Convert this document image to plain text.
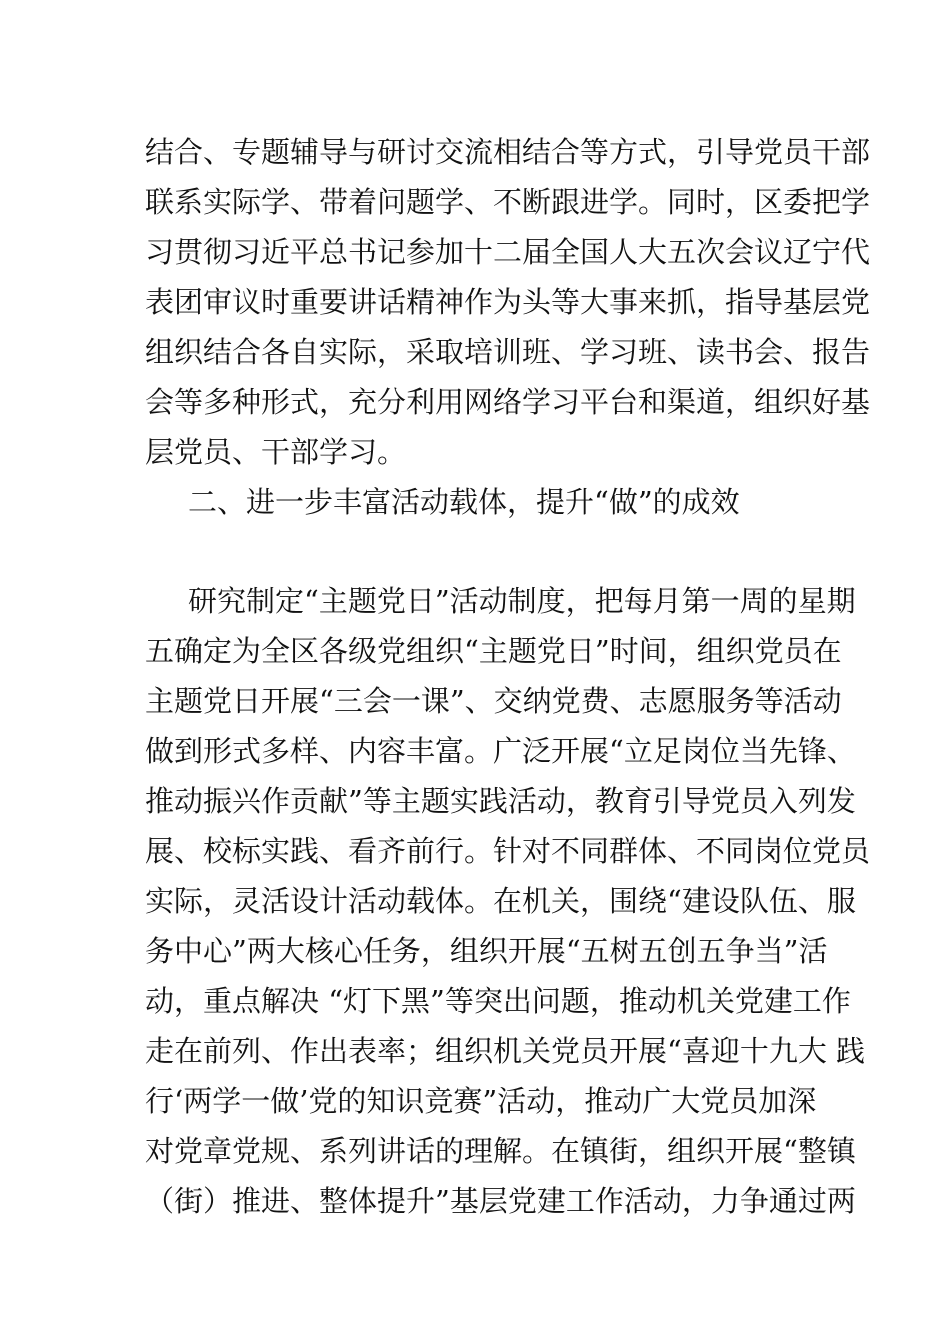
结合、专题辅导与研讨交流相结合等方式，引导党员干部
联系实际学、带着问题学、不断跟进学。同时，区委把学
习贯彻习近平总书记参加十二届全国人大五次会议辽宁代
表团审议时重要讲话精神作为头等大事来抓，指导基层党
组织结合各自实际，采取培训班、学习班、读书会、报告
会等多种形式，充分利用网络学习平台和渠道，组织好基
层党员、干部学习。
二、进一步丰富活动载体，提升“做”的成效
研究制定“主题党日”活动制度，把每月第一周的星期
五确定为全区各级党组织“主题党日”时间，组织党员在
主题党日开展“三会一课”、交纳党费、志愿服务等活动
做到形式多样、内容丰富。广泛开展“立足岗位当先锋、
推动振兴作贡献”等主题实践活动，教育引导党员入列发
展、校标实践、看齐前行。针对不同群体、不同岗位党员
实际，灵活设计活动载体。在机关，围绕“建设队伍、服
务中心”两大核心任务，组织开展“五树五创五争当”活
动，重点解决 “灯下黑”等突出问题，推动机关党建工作
走在前列、作出表率；组织机关党员开展“喜迎十九大 践
行‘两学一做’党的知识竞赛”活动，推动广大党员加深
对党章党规、系列讲话的理解。在镇街，组织开展“整镇
（街）推进、整体提升”基层党建工作活动，力争通过两
